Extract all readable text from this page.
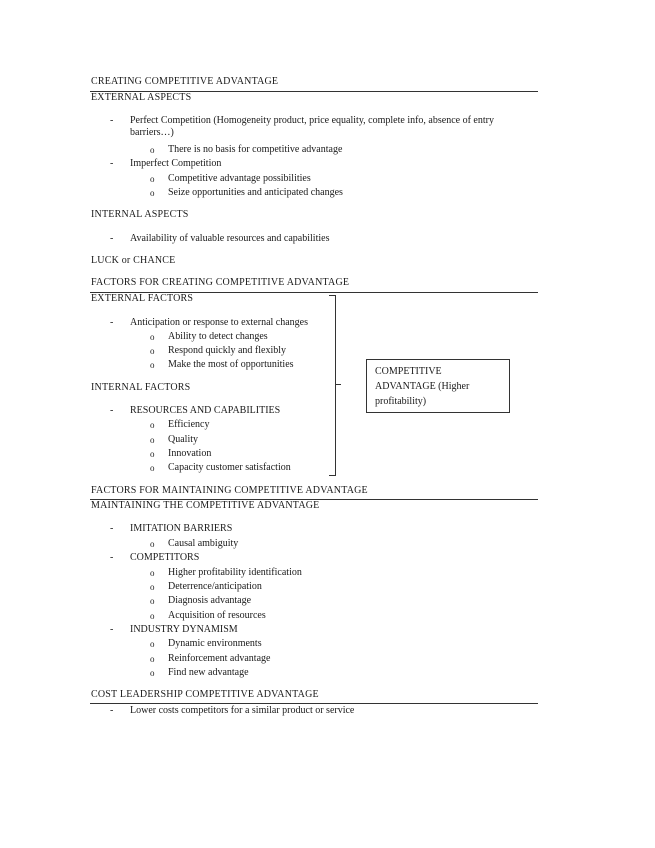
CREATING COMPETITIVE ADVANTAGE
EXTERNAL ASPECTS
- Perfect Competition (Homogeneity product, price equality, complete info, absence of entry barriers…)
o There is no basis for competitive advantage
- Imperfect Competition
o Competitive advantage possibilities
o Seize opportunities and anticipated changes
INTERNAL ASPECTS
- Availability of valuable resources and capabilities
LUCK or CHANCE
FACTORS FOR CREATING COMPETITIVE ADVANTAGE
EXTERNAL FACTORS
- Anticipation or response to external changes
o Ability to detect changes
o Respond quickly and flexibly
o Make the most of opportunities
INTERNAL FACTORS
- RESOURCES AND CAPABILITIES
o Efficiency
o Quality
o Innovation
o Capacity customer satisfaction
COMPETITIVE ADVANTAGE (Higher profitability)
FACTORS FOR MAINTAINING COMPETITIVE ADVANTAGE
MAINTAINING THE COMPETITIVE ADVANTAGE
- IMITATION BARRIERS
o Causal ambiguity
- COMPETITORS
o Higher profitability identification
o Deterrence/anticipation
o Diagnosis advantage
o Acquisition of resources
- INDUSTRY DYNAMISM
o Dynamic environments
o Reinforcement advantage
o Find new advantage
COST LEADERSHIP COMPETITIVE ADVANTAGE
- Lower costs competitors for a similar product or service
